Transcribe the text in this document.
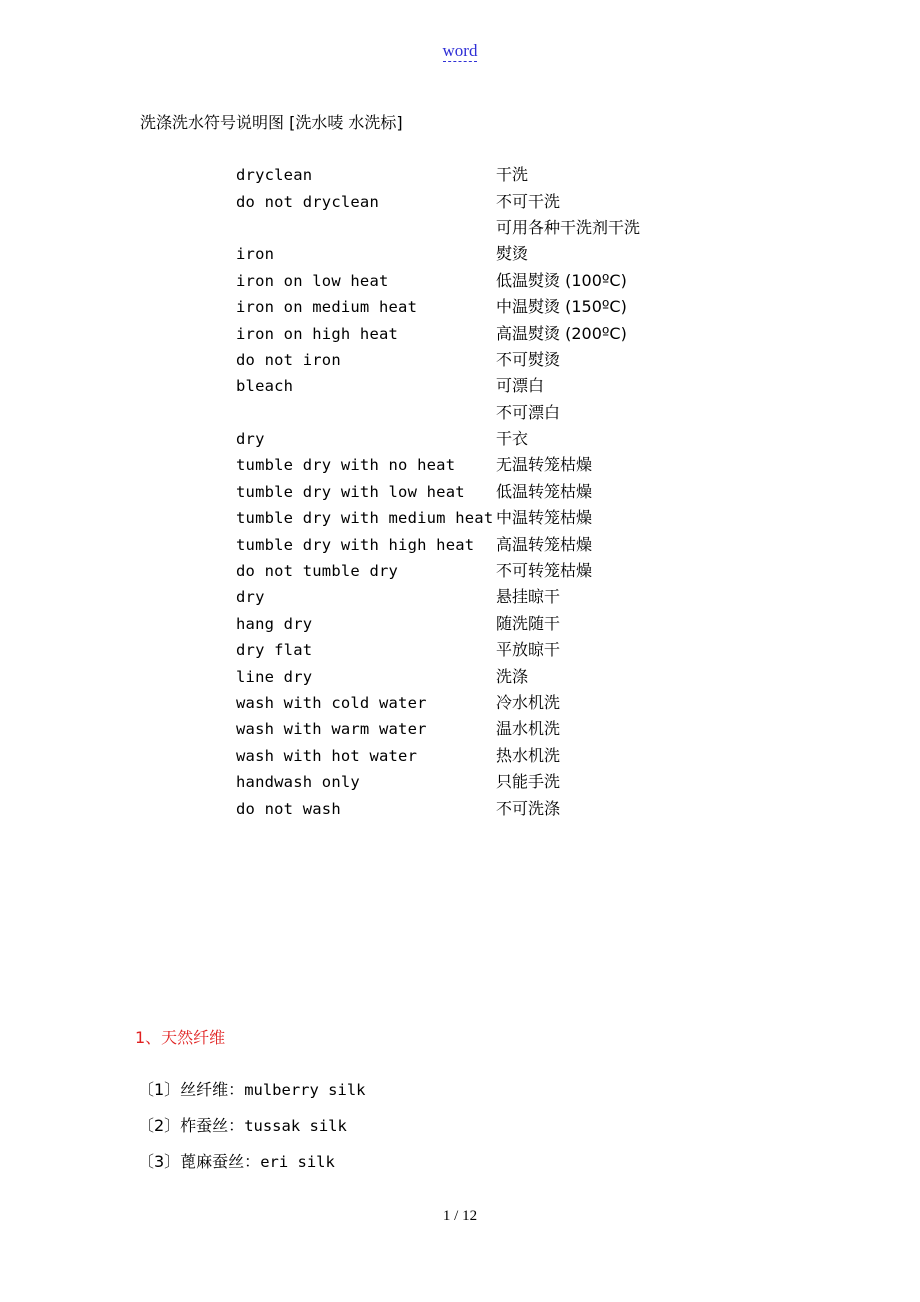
word
洗涤洗水符号说明图 [洗水唛 水洗标]
dryclean	干洗
do not dryclean	不可干洗
	可用各种干洗剂干洗
iron	熨烫
iron on low heat	低温熨烫 (100ºC)
iron on medium heat	中温熨烫 (150ºC)
iron on high heat	高温熨烫 (200ºC)
do not iron	不可熨烫
bleach	可漂白
	不可漂白
dry	干衣
tumble dry with no heat	无温转笼枯燥
tumble dry with low heat	低温转笼枯燥
tumble dry with medium heat	中温转笼枯燥
tumble dry with high heat	高温转笼枯燥
do not tumble dry	不可转笼枯燥
dry	悬挂晾干
hang dry	随洗随干
dry flat	平放晾干
line dry	洗涤
wash with cold water	冷水机洗
wash with warm water	温水机洗
wash with hot water	热水机洗
handwash only	只能手洗
do not wash	不可洗涤
1、天然纤维
〔1〕丝纤维：mulberry silk
〔2〕柞蚕丝：tussak silk
〔3〕蓖麻蚕丝：eri silk
1 / 12
